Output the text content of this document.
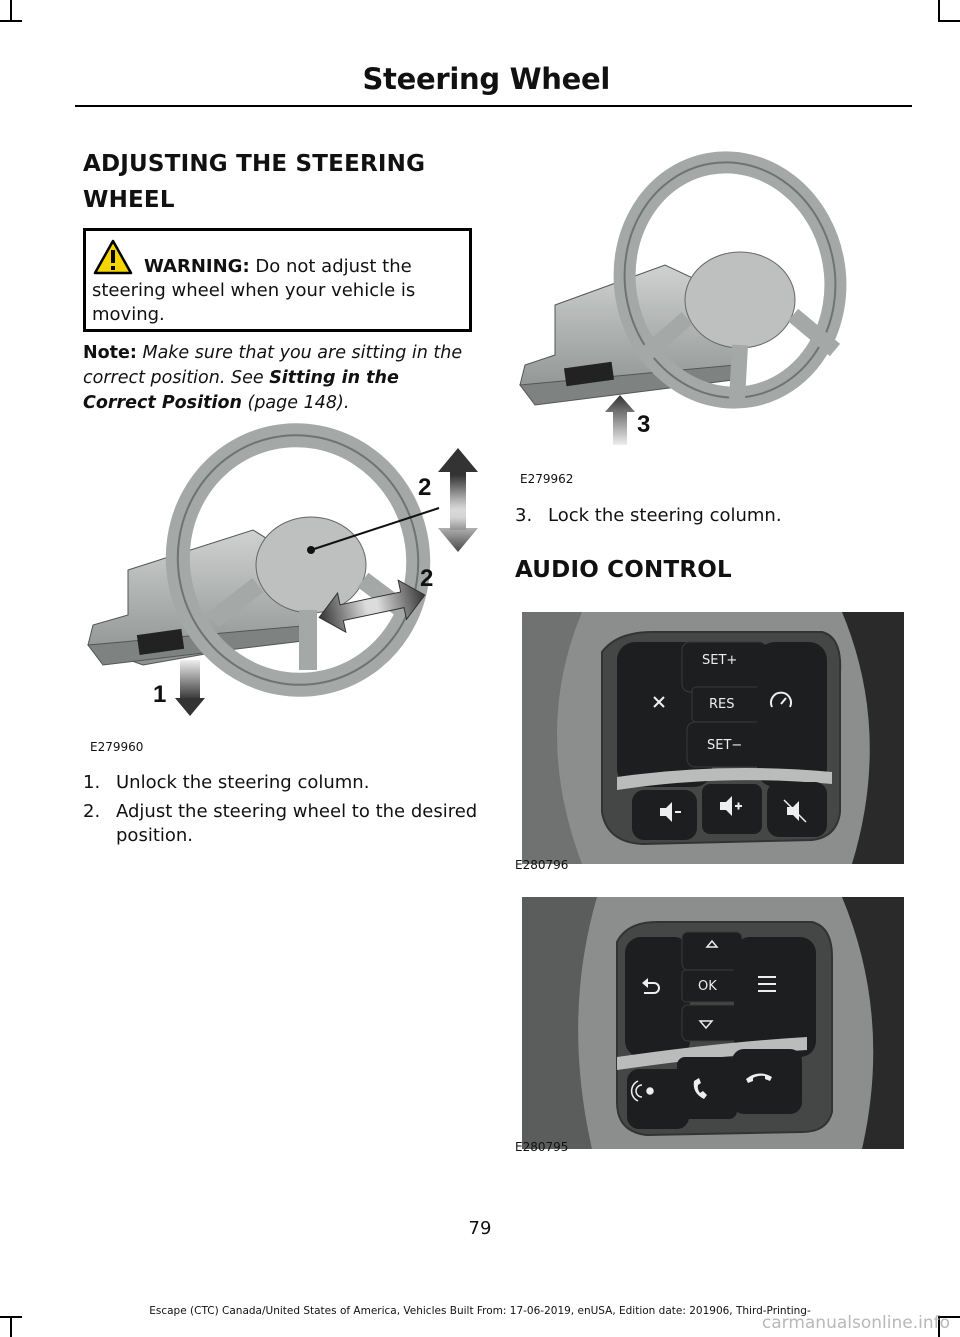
Steering Wheel
ADJUSTING THE STEERING
WHEEL
WARNING: Do not adjust the steering wheel when your vehicle is moving.
Note: Make sure that you are sitting in the correct position. See Sitting in the Correct Position (page 148).
2
2
1
E279960
1. Unlock the steering column.
2. Adjust the steering wheel to the desired
position.
3
E279962
3. Lock the steering column.
AUDIO CONTROL
SET+
RES
SET−
E280796
OK
E280795
79
Escape (CTC) Canada/United States of America, Vehicles Built From: 17-06-2019, enUSA, Edition date: 201906, Third-Printing-
carmanualsonline.info
